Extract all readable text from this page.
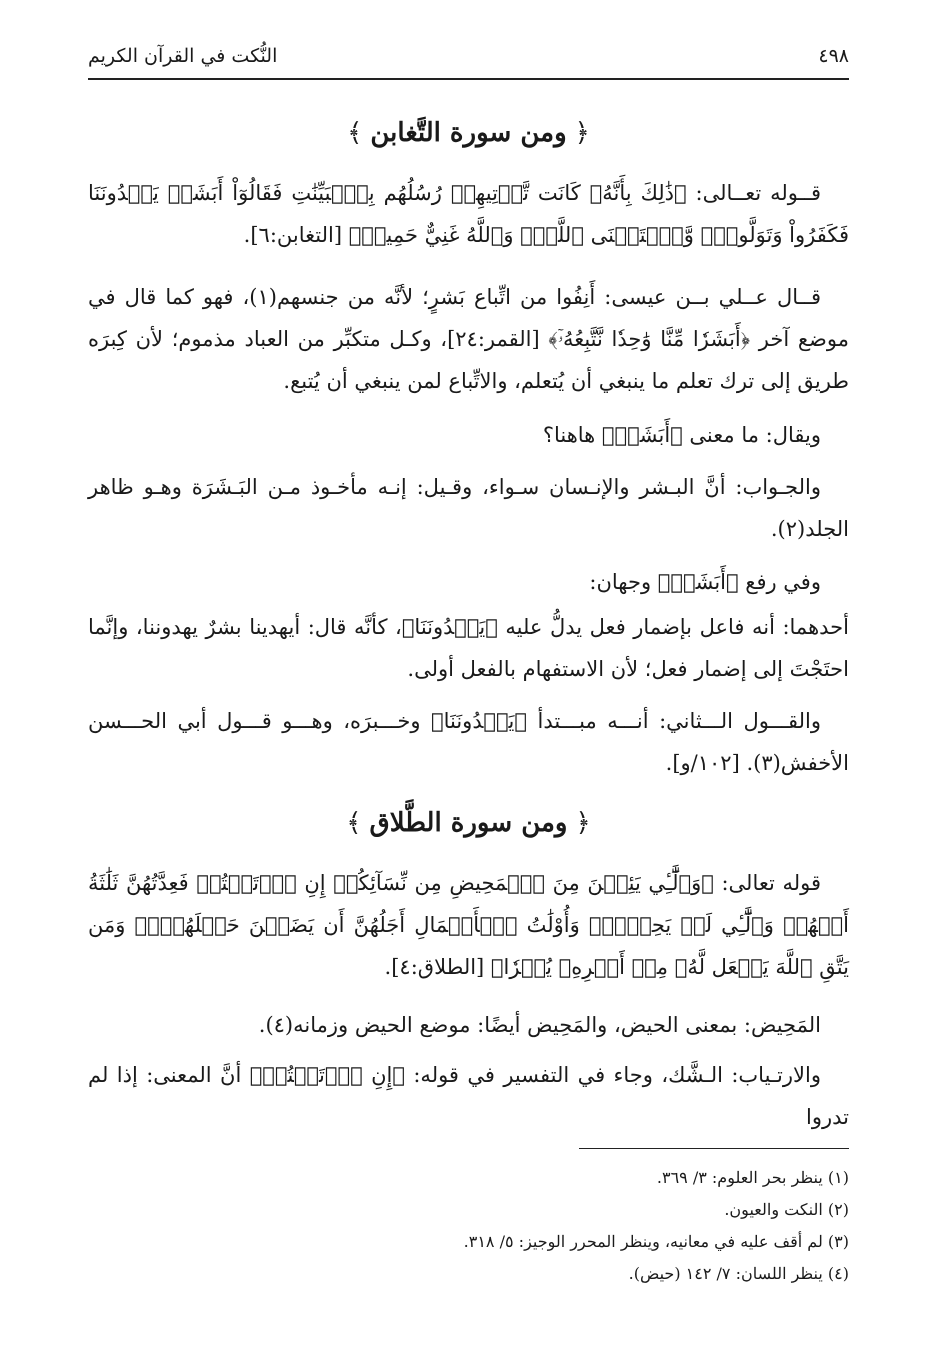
٤٩٨
النُّكت في القرآن الكريم
﴿
ومن سورة التَّغابن
﴾

قــوله تعــالى: ﴿ذَٰلِكَ بِأَنَّهُۥ كَانَت تَّأۡتِيهِمۡ رُسُلُهُم بِٱلۡبَيِّنَٰتِ فَقَالُوٓاْ أَبَشَرٞ يَهۡدُونَنَا فَكَفَرُواْ وَتَوَلَّواْۚ وَّٱسۡتَغۡنَى ٱللَّهُۚ وَٱللَّهُ غَنِيٌّ حَمِيدٞ﴾ [التغابن:٦].

قــال عــلي بــن عيسى: أَنِفُوا من اتِّباع بَشرٍ؛ لأنَّه من جنسهم(١)، فهو كما قال في موضع آخر ﴿أَبَشَرٗا مِّنَّا وَٰحِدٗا نَّتَّبِعُهُۥٓ﴾ [القمر:٢٤]، وكـل متكبِّر من العباد مذموم؛ لأن كِبرَه طريق إلى ترك تعلم ما ينبغي أن يُتعلم، والاتِّباع لمن ينبغي أن يُتبع.

ويقال: ما معنى ﴿أَبَشَرٞ﴾ هاهنا؟

والجـواب: أنَّ البـشر والإنـسان سـواء، وقـيل: إنـه مأخـوذ مـن البَـشَرَة وهـو ظاهر الجلد(٢).

وفي رفع ﴿أَبَشَرٞ﴾ وجهان:

أحدهما: أنه فاعل بإضمار فعل يدلُّ عليه ﴿يَهۡدُونَنَا﴾، كأنَّه قال: أيهدينا بشرٌ يهدوننا، وإنَّما احتَجْتَ إلى إضمار فعل؛ لأن الاستفهام بالفعل أولى.

والقـــول الـــثاني: أنـــه مبـــتدأ ﴿يَهۡدُونَنَا﴾ وخـــبرَه، وهـــو قـــول أبي الحـــسن الأخفش(٣). [١٠٢/و].

﴿
ومن سورة الطَّلاق
﴾

قوله تعالى: ﴿وَٱلَّٰٓـِٔي يَئِسۡنَ مِنَ ٱلۡمَحِيضِ مِن نِّسَآئِكُمۡ إِنِ ٱرۡتَبۡتُمۡ فَعِدَّتُهُنَّ ثَلَٰثَةُ أَشۡهُرٖ وَٱلَّٰٓـِٔي لَمۡ يَحِضۡنَۚ وَأُوْلَٰتُ ٱلۡأَحۡمَالِ أَجَلُهُنَّ أَن يَضَعۡنَ حَمۡلَهُنَّۚ وَمَن يَتَّقِ ٱللَّهَ يَجۡعَل لَّهُۥ مِنۡ أَمۡرِهِۦ يُسۡرٗا﴾ [الطلاق:٤].

المَحِيض: بمعنى الحيض، والمَحِيض أيضًا: موضع الحيض وزمانه(٤).

والارتـياب: الـشَّك، وجاء في التفسير في قوله: ﴿إِنِ ٱرۡتَبۡتُمۡ﴾ أنَّ المعنى: إذا لم تدروا

(١) ينظر بحر العلوم: ٣/ ٣٦٩.
(٢) النكت والعيون.
(٣) لم أقف عليه في معانيه، وينظر المحرر الوجيز: ٥/ ٣١٨.
(٤) ينظر اللسان: ٧/ ١٤٢ (حيض).
